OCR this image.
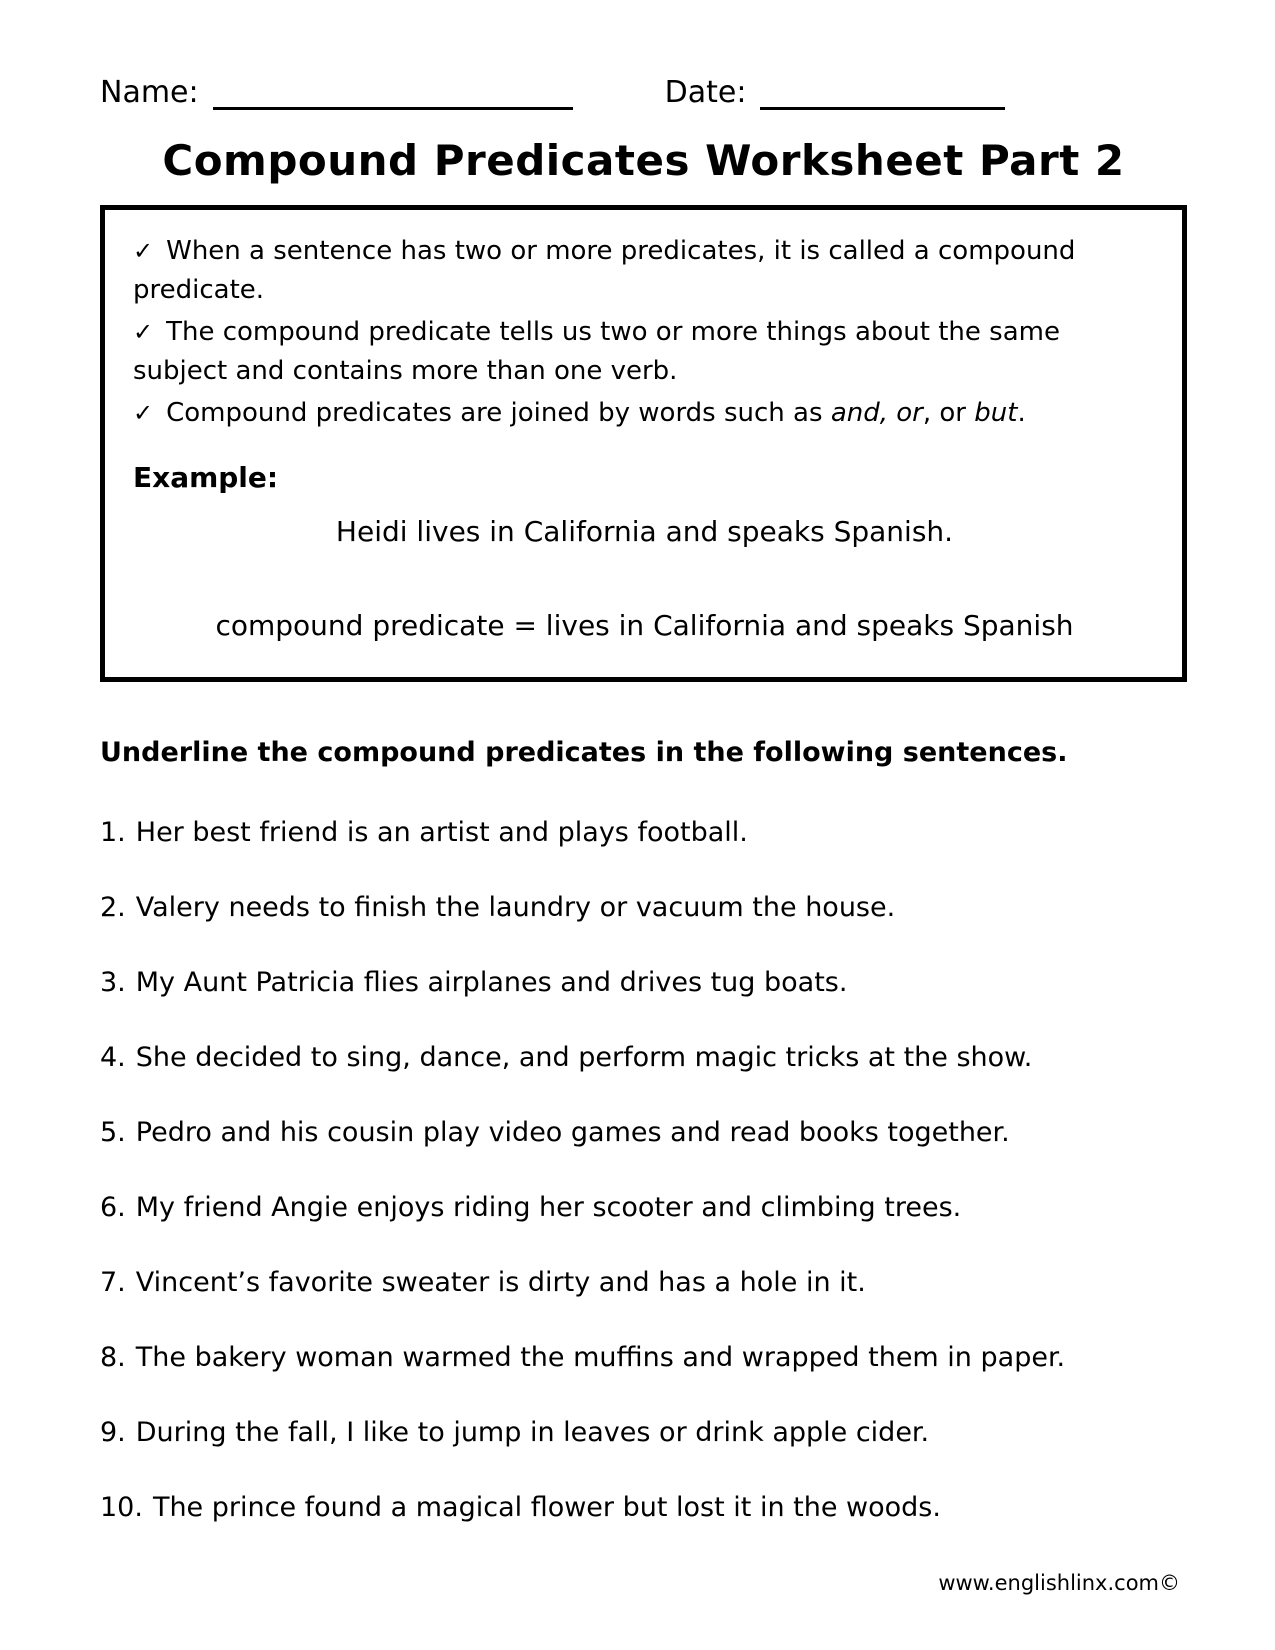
Name:	Date:
Compound Predicates Worksheet Part 2
✓ When a sentence has two or more predicates, it is called a compound predicate.
✓ The compound predicate tells us two or more things about the same subject and contains more than one verb.
✓ Compound predicates are joined by words such as and, or, or but.
Example:
Heidi lives in California and speaks Spanish.
compound predicate = lives in California and speaks Spanish
Underline the compound predicates in the following sentences.
1. Her best friend is an artist and plays football.
2. Valery needs to finish the laundry or vacuum the house.
3. My Aunt Patricia flies airplanes and drives tug boats.
4. She decided to sing, dance, and perform magic tricks at the show.
5. Pedro and his cousin play video games and read books together.
6. My friend Angie enjoys riding her scooter and climbing trees.
7. Vincent’s favorite sweater is dirty and has a hole in it.
8. The bakery woman warmed the muffins and wrapped them in paper.
9. During the fall, I like to jump in leaves or drink apple cider.
10. The prince found a magical flower but lost it in the woods.
www.englishlinx.com©
